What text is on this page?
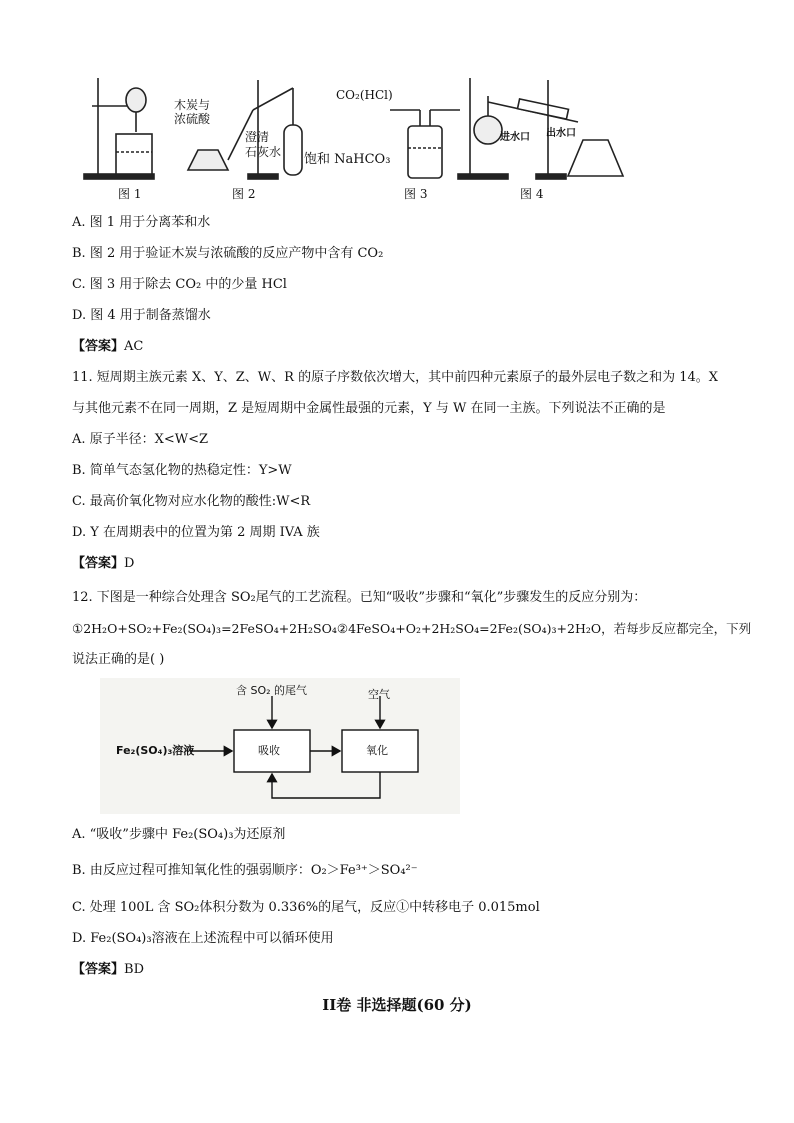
木炭与
浓硫酸
澄清
石灰水
CO₂(HCl)
饱和 NaHCO₃
进水口 出水口
图 1	图 2	图 3	图 4
A. 图 1 用于分离苯和水
B. 图 2 用于验证木炭与浓硫酸的反应产物中含有 CO₂
C. 图 3 用于除去 CO₂ 中的少量 HCl
D. 图 4 用于制备蒸馏水
【答案】AC
11. 短周期主族元素 X、Y、Z、W、R 的原子序数依次增大，其中前四种元素原子的最外层电子数之和为 14。X
与其他元素不在同一周期，Z 是短周期中金属性最强的元素，Y 与 W 在同一主族。下列说法不正确的是
A. 原子半径：X<W<Z
B. 简单气态氢化物的热稳定性：Y>W
C. 最高价氧化物对应水化物的酸性:W<R
D. Y 在周期表中的位置为第 2 周期 IVA 族
【答案】D
12. 下图是一种综合处理含 SO₂尾气的工艺流程。已知“吸收”步骤和“氧化”步骤发生的反应分别为：
①2H₂O+SO₂+Fe₂(SO₄)₃=2FeSO₄+2H₂SO₄②4FeSO₄+O₂+2H₂SO₄=2Fe₂(SO₄)₃+2H₂O，若每步反应都完全，下列
说法正确的是( )
含 SO₂ 的尾气	空气
Fe₂(SO₄)₃溶液	吸收	氧化
A. “吸收”步骤中 Fe₂(SO₄)₃为还原剂
B. 由反应过程可推知氧化性的强弱顺序：O₂＞Fe³⁺＞SO₄²⁻
C. 处理 100L 含 SO₂体积分数为 0.336%的尾气，反应①中转移电子 0.015mol
D. Fe₂(SO₄)₃溶液在上述流程中可以循环使用
【答案】BD
II卷 非选择题(60 分)
